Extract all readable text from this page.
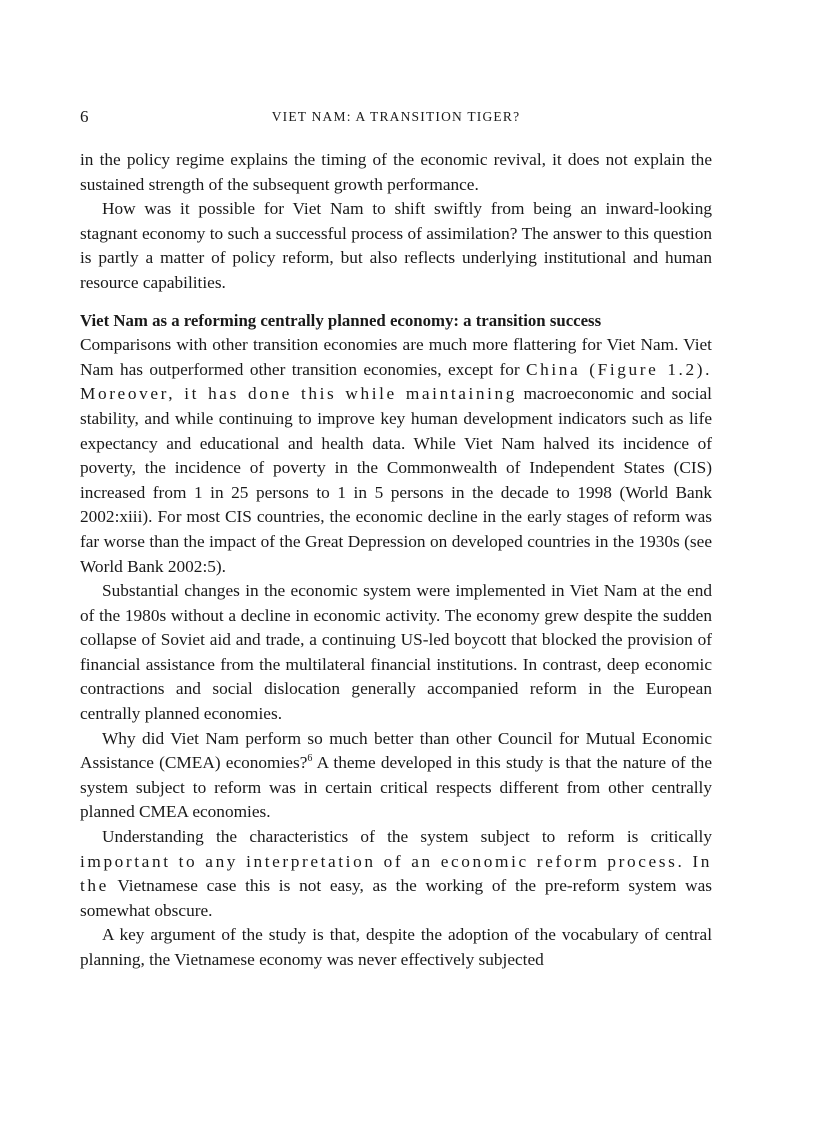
6	VIET NAM: A TRANSITION TIGER?

in the policy regime explains the timing of the economic revival, it does not explain the sustained strength of the subsequent growth performance.

How was it possible for Viet Nam to shift swiftly from being an inward-looking stagnant economy to such a successful process of assimilation? The answer to this question is partly a matter of policy reform, but also reflects underlying institutional and human resource capabilities.

Viet Nam as a reforming centrally planned economy: a transition success

Comparisons with other transition economies are much more flattering for Viet Nam. Viet Nam has outperformed other transition economies, except for China (Figure 1.2). Moreover, it has done this while maintaining macroeconomic and social stability, and while continuing to improve key human development indicators such as life expectancy and educational and health data. While Viet Nam halved its incidence of poverty, the incidence of poverty in the Commonwealth of Independent States (CIS) increased from 1 in 25 persons to 1 in 5 persons in the decade to 1998 (World Bank 2002:xiii). For most CIS countries, the economic decline in the early stages of reform was far worse than the impact of the Great Depression on developed countries in the 1930s (see World Bank 2002:5).

Substantial changes in the economic system were implemented in Viet Nam at the end of the 1980s without a decline in economic activity. The economy grew despite the sudden collapse of Soviet aid and trade, a continuing US-led boycott that blocked the provision of financial assistance from the multilateral financial institutions. In contrast, deep economic contractions and social dislocation generally accompanied reform in the European centrally planned economies.

Why did Viet Nam perform so much better than other Council for Mutual Economic Assistance (CMEA) economies?$^6$ A theme developed in this study is that the nature of the system subject to reform was in certain critical respects different from other centrally planned CMEA economies.

Understanding the characteristics of the system subject to reform is critically important to any interpretation of an economic reform process. In the Vietnamese case this is not easy, as the working of the pre-reform system was somewhat obscure.

A key argument of the study is that, despite the adoption of the vocabulary of central planning, the Vietnamese economy was never effectively subjected
